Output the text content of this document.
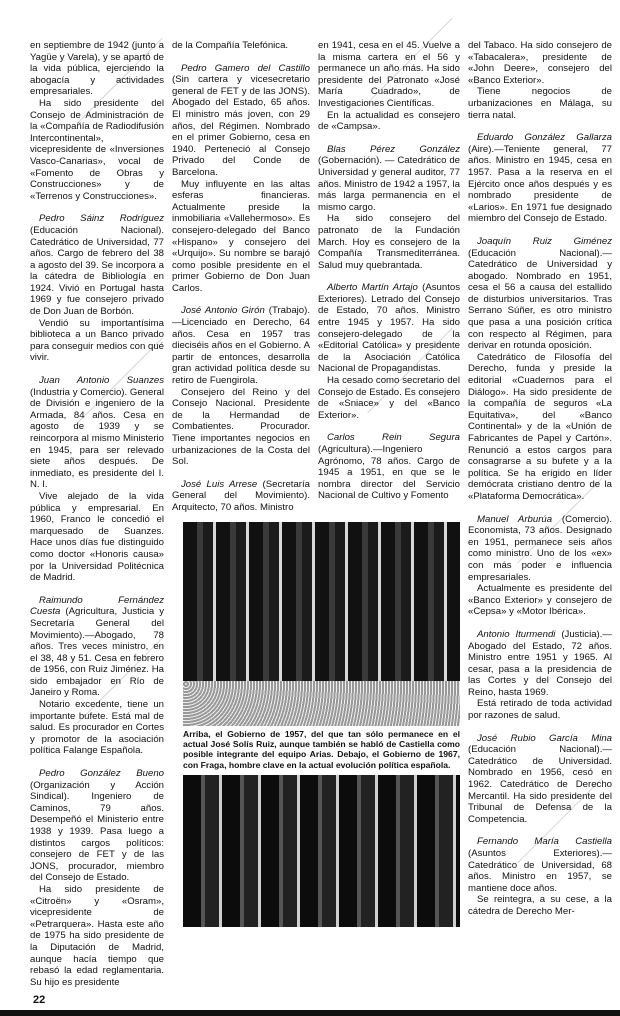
en septiembre de 1942 (junto a Yagüe y Varela), y se apartó de la vida pública, ejerciendo la abogacía y actividades empresariales.

Ha sido presidente del Consejo de Administración de la «Compañía de Radiodifusión Intercontinental», vicepresidente de «Inversiones Vasco-Canarias», vocal de «Fomento de Obras y Construcciones» y de «Terrenos y Construcciones».

Pedro Sáinz Rodríguez (Educación Nacional). Catedrático de Universidad, 77 años. Cargo de febrero del 38 a agosto del 39. Se incorpora a la cátedra de Bibliología en 1924. Vivió en Portugal hasta 1969 y fue consejero privado de Don Juan de Borbón.

Vendió su importantísima biblioteca a un Banco privado para conseguir medios con qué vivir.

Juan Antonio Suanzes (Industria y Comercio). General de División e ingeniero de la Armada, 84 años. Cesa en agosto de 1939 y se reincorpora al mismo Ministerio en 1945, para ser relevado siete años después. De inmediato, es presidente del I. N. I.

Vive alejado de la vida pública y empresarial. En 1960, Franco le concedió el marquesado de Suanzes. Hace unos días fue distinguido como doctor «Honoris causa» por la Universidad Politécnica de Madrid.

Raimundo Fernández Cuesta (Agricultura, Justicia y Secretaría General del Movimiento).—Abogado, 78 años. Tres veces ministro, en el 38, 48 y 51. Cesa en febrero de 1956, con Ruiz Jiménez. Ha sido embajador en Río de Janeiro y Roma.

Notario excedente, tiene un importante bufete. Está mal de salud. Es procurador en Cortes y promotor de la asociación política Falange Española.

Pedro González Bueno (Organización y Acción Sindical). Ingeniero de Caminos, 79 años. Desempeñó el Ministerio entre 1938 y 1939. Pasa luego a distintos cargos políticos: consejero de FET y de las JONS, procurador, miembro del Consejo de Estado.

Ha sido presidente de «Citroën» y «Osram», vicepresidente de «Petrarquera». Hasta este año de 1975 ha sido presidente de la Diputación de Madrid, aunque hacía tiempo que rebasó la edad reglamentaria. Su hijo es presidente

de la Compañía Telefónica.

Pedro Gamero del Castillo (Sin cartera y vicesecretario general de FET y de las JONS). Abogado del Estado, 65 años. El ministro más joven, con 29 años, del Régimen. Nombrado en el primer Gobierno, cesa en 1940. Perteneció al Consejo Privado del Conde de Barcelona.

Muy influyente en las altas esferas financieras. Actualmente preside la inmobiliaria «Vallehermoso». Es consejero-delegado del Banco «Hispano» y consejero del «Urquijo». Su nombre se barajó como posible presidente en el primer Gobierno de Don Juan Carlos.

José Antonio Girón (Trabajo).—Licenciado en Derecho, 64 años. Cesa en 1957 tras dieciséis años en el Gobierno. A partir de entonces, desarrolla gran actividad política desde su retiro de Fuengirola.

Consejero del Reino y del Consejo Nacional. Presidente de la Hermandad de Combatientes. Procurador. Tiene importantes negocios en urbanizaciones de la Costa del Sol.

José Luis Arrese (Secretaría General del Movimiento). Arquitecto, 70 años. Ministro

en 1941, cesa en el 45. Vuelve a la misma cartera en el 56 y permanece un año más. Ha sido presidente del Patronato «José María Cuadrado», de Investigaciones Científicas.

En la actualidad es consejero de «Campsa».

Blas Pérez González (Gobernación). — Catedrático de Universidad y general auditor, 77 años. Ministro de 1942 a 1957, la más larga permanencia en el mismo cargo.

Ha sido consejero del patronato de la Fundación March. Hoy es consejero de la Compañía Transmediterránea. Salud muy quebrantada.

Alberto Martín Artajo (Asuntos Exteriores). Letrado del Consejo de Estado, 70 años. Ministro entre 1945 y 1957. Ha sido consejero-delegado de la «Editorial Católica» y presidente de la Asociación Católica Nacional de Propagandistas.

Ha cesado como secretario del Consejo de Estado. Es consejero de «Sniace» y del «Banco Exterior».

Carlos Rein Segura (Agricultura).—Ingeniero Agrónomo, 78 años. Cargo de 1945 a 1951, en que se le nombra director del Servicio Nacional de Cultivo y Fomento

del Tabaco. Ha sido consejero de «Tabacalera», presidente de «John Deere», consejero del «Banco Exterior».

Tiene negocios de urbanizaciones en Málaga, su tierra natal.

Eduardo González Gallarza (Aire).—Teniente general, 77 años. Ministro en 1945, cesa en 1957. Pasa a la reserva en el Ejército once años después y es nombrado presidente de «Larios». En 1971 fue designado miembro del Consejo de Estado.

Joaquín Ruiz Giménez (Educación Nacional).—Catedrático de Universidad y abogado. Nombrado en 1951, cesa el 56 a causa del estallido de disturbios universitarios. Tras Serrano Súñer, es otro ministro que pasa a una posición crítica con respecto al Régimen, para derivar en rotunda oposición.

Catedrático de Filosofía del Derecho, funda y preside la editorial «Cuadernos para el Diálogo». Ha sido presidente de la compañía de seguros «La Equitativa», del «Banco Continental» y de la «Unión de Fabricantes de Papel y Cartón». Renunció a estos cargos para consagrarse a su bufete y a la política. Se ha erigido en líder demócrata cristiano dentro de la «Plataforma Democrática».

Manuel Arburúa (Comercio). Economista, 73 años. Designado en 1951, permanece seis años como ministro. Uno de los «ex» con más poder e influencia empresariales.

Actualmente es presidente del «Banco Exterior» y consejero de «Cepsa» y «Motor Ibérica».

Antonio Iturmendi (Justicia).—Abogado del Estado, 72 años. Ministro entre 1951 y 1965. Al cesar, pasa a la presidencia de las Cortes y del Consejo del Reino, hasta 1969.

Está retirado de toda actividad por razones de salud.

José Rubio García Mina (Educación Nacional).—Catedrático de Universidad. Nombrado en 1956, cesó en 1962. Catedrático de Derecho Mercantil. Ha sido presidente del Tribunal de Defensa de la Competencia.

Fernando María Castiella (Asuntos Exteriores).—Catedrático de Universidad, 68 años. Ministro en 1957, se mantiene doce años.

Se reintegra, a su cese, a la cátedra de Derecho Mer-

Arriba, el Gobierno de 1957, del que tan sólo permanece en el actual José Solís Ruiz, aunque también se habló de Castiella como posible integrante del equipo Arias. Debajo, el Gobierno de 1967, con Fraga, hombre clave en la actual evolución política española.
22
